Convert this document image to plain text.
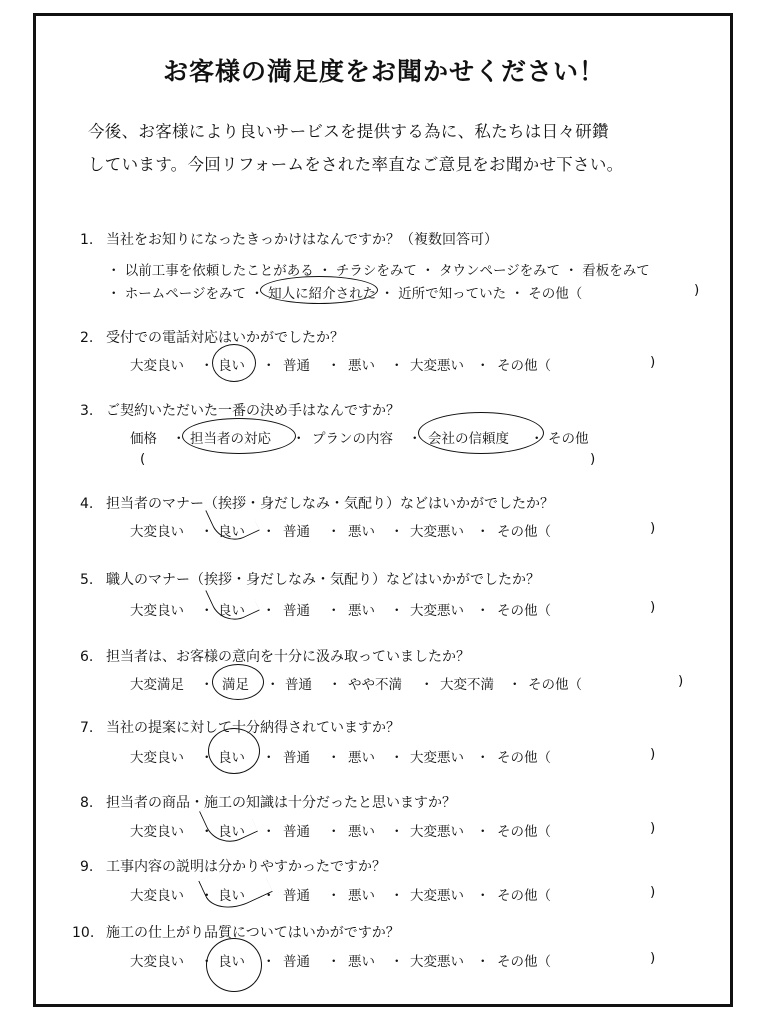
お客様の満足度をお聞かせください！
今後、お客様により良いサービスを提供する為に、私たちは日々研鑽
しています。今回リフォームをされた率直なご意見をお聞かせ下さい。
1. 当社をお知りになったきっかけはなんですか？（複数回答可）
・ 以前工事を依頼したことがある ・ チラシをみて ・ タウンページをみて ・ 看板をみて
・ ホームページをみて ・ 知人に紹介された ・ 近所で知っていた ・ その他（	)
2. 受付での電話対応はいかがでしたか？
大変良い ・ 良い ・ 普通 ・ 悪い ・ 大変悪い ・ その他（	)
3. ご契約いただいた一番の決め手はなんですか？
価格 ・ 担当者の対応 ・ プランの内容 ・ 会社の信頼度 ・ その他
(	)
4. 担当者のマナー（挨拶・身だしなみ・気配り）などはいかがでしたか？
大変良い ・ 良い ・ 普通 ・ 悪い ・ 大変悪い ・ その他（	)
5. 職人のマナー（挨拶・身だしなみ・気配り）などはいかがでしたか？
大変良い ・ 良い ・ 普通 ・ 悪い ・ 大変悪い ・ その他（	)
6. 担当者は、お客様の意向を十分に汲み取っていましたか？
大変満足 ・ 満足 ・ 普通 ・ やや不満 ・ 大変不満 ・ その他（	)
7. 当社の提案に対して十分納得されていますか？
大変良い ・ 良い ・ 普通 ・ 悪い ・ 大変悪い ・ その他（	)
8. 担当者の商品・施工の知識は十分だったと思いますか？
大変良い ・ 良い ・ 普通 ・ 悪い ・ 大変悪い ・ その他（	)
9. 工事内容の説明は分かりやすかったですか？
大変良い ・ 良い ・ 普通 ・ 悪い ・ 大変悪い ・ その他（	)
10. 施工の仕上がり品質についてはいかがですか？
大変良い ・ 良い ・ 普通 ・ 悪い ・ 大変悪い ・ その他（	)
